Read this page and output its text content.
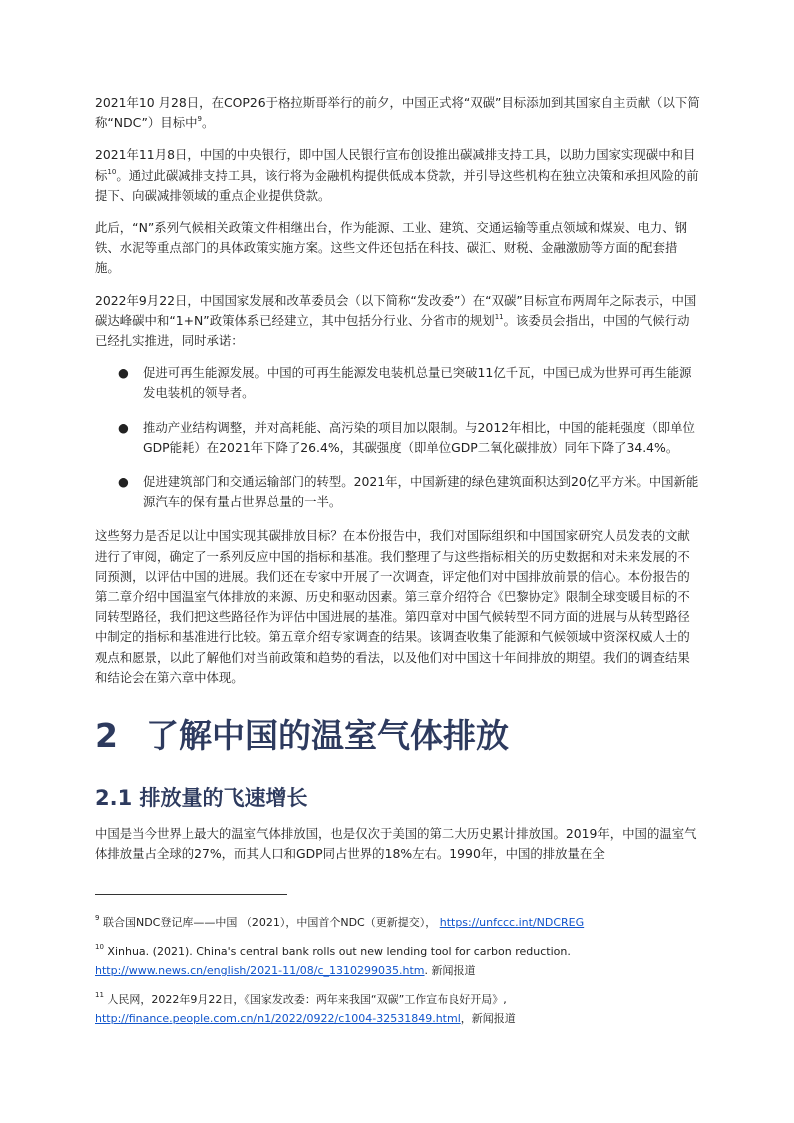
2021年10 月28日，在COP26于格拉斯哥举行的前夕，中国正式将“双碳”目标添加到其国家自主贡献（以下简称“NDC”）目标中$^9$。

2021年11月8日，中国的中央银行，即中国人民银行宣布创设推出碳减排支持工具，以助力国家实现碳中和目标$^{10}$。通过此碳减排支持工具，该行将为金融机构提供低成本贷款，并引导这些机构在独立决策和承担风险的前提下、向碳减排领域的重点企业提供贷款。

此后，“N”系列气候相关政策文件相继出台，作为能源、工业、建筑、交通运输等重点领域和煤炭、电力、钢铁、水泥等重点部门的具体政策实施方案。这些文件还包括在科技、碳汇、财税、金融激励等方面的配套措施。

2022年9月22日，中国国家发展和改革委员会（以下简称“发改委”）在“双碳”目标宣布两周年之际表示，中国碳达峰碳中和“1+N”政策体系已经建立，其中包括分行业、分省市的规划$^{11}$。该委员会指出，中国的气候行动已经扎实推进，同时承诺：

● 促进可再生能源发展。中国的可再生能源发电装机总量已突破11亿千瓦，中国已成为世界可再生能源发电装机的领导者。
● 推动产业结构调整，并对高耗能、高污染的项目加以限制。与2012年相比，中国的能耗强度（即单位GDP能耗）在2021年下降了26.4%，其碳强度（即单位GDP二氧化碳排放）同年下降了34.4%。
● 促进建筑部门和交通运输部门的转型。2021年，中国新建的绿色建筑面积达到20亿平方米。中国新能源汽车的保有量占世界总量的一半。

这些努力是否足以让中国实现其碳排放目标？在本份报告中，我们对国际组织和中国国家研究人员发表的文献进行了审阅，确定了一系列反应中国的指标和基准。我们整理了与这些指标相关的历史数据和对未来发展的不同预测，以评估中国的进展。我们还在专家中开展了一次调查，评定他们对中国排放前景的信心。本份报告的第二章介绍中国温室气体排放的来源、历史和驱动因素。第三章介绍符合《巴黎协定》限制全球变暖目标的不同转型路径，我们把这些路径作为评估中国进展的基准。第四章对中国气候转型不同方面的进展与从转型路径中制定的指标和基准进行比较。第五章介绍专家调查的结果。该调查收集了能源和气候领域中资深权威人士的观点和愿景，以此了解他们对当前政策和趋势的看法，以及他们对中国这十年间排放的期望。我们的调查结果和结论会在第六章中体现。

2 了解中国的温室气体排放
2.1 排放量的飞速增长

中国是当今世界上最大的温室气体排放国，也是仅次于美国的第二大历史累计排放国。2019年，中国的温室气体排放量占全球的27%，而其人口和GDP同占世界的18%左右。1990年，中国的排放量在全

$^9$ 联合国NDC登记库——中国 （2021），中国首个NDC（更新提交）， https://unfccc.int/NDCREG

$^{10}$ Xinhua. (2021). China's central bank rolls out new lending tool for carbon reduction.
http://www.news.cn/english/2021-11/08/c_1310299035.htm. 新闻报道

$^{11}$ 人民网，2022年9月22日，《国家发改委：两年来我国“双碳”工作宣布良好开局》,
http://finance.people.com.cn/n1/2022/0922/c1004-32531849.html，新闻报道
